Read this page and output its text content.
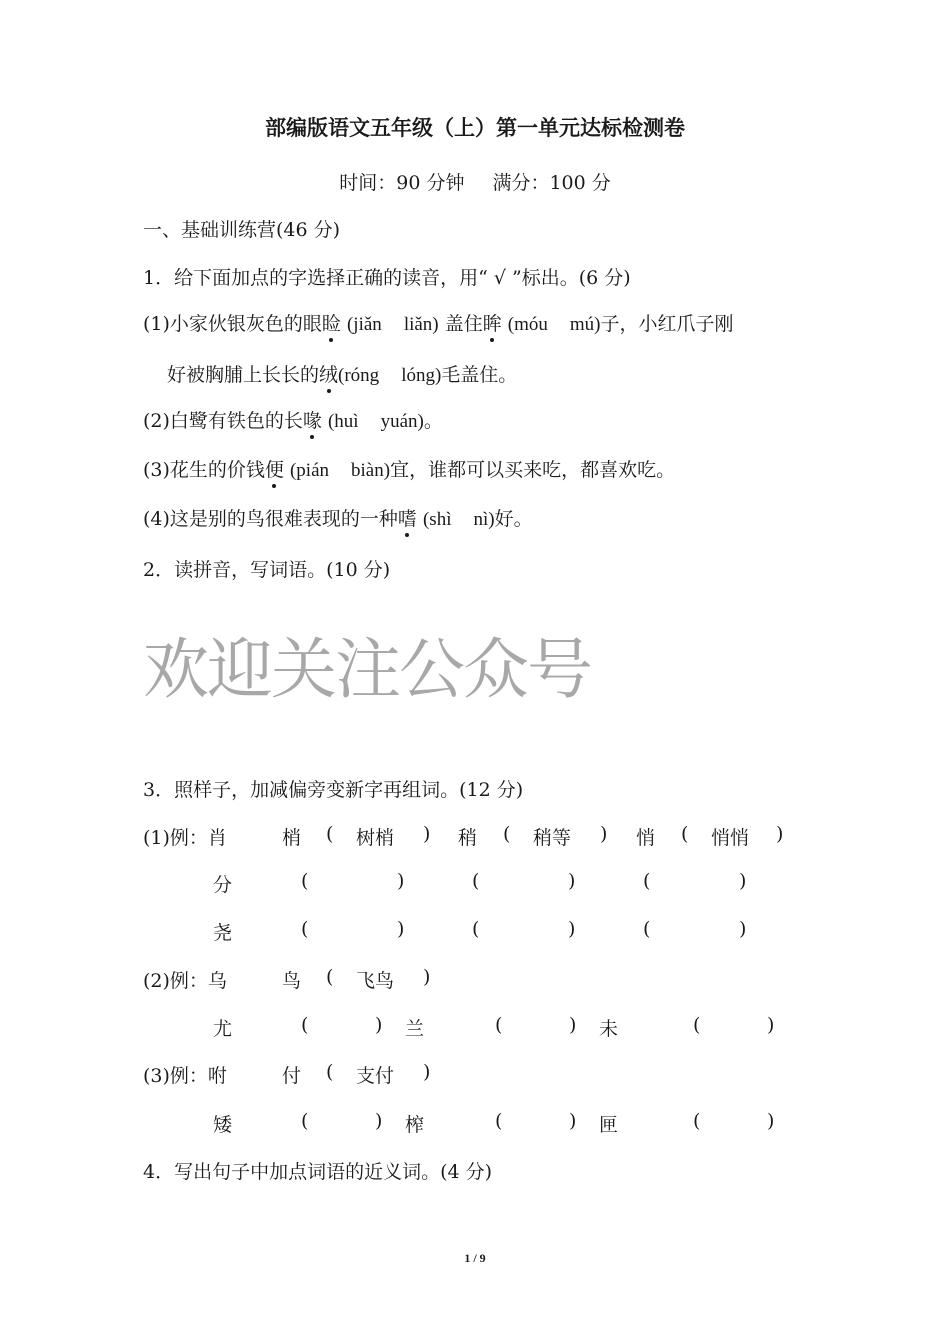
部编版语文五年级（上）第一单元达标检测卷
时间：90 分钟 满分：100 分
一、基础训练营(46 分)
1．给下面加点的字选择正确的读音，用“ √ ”标出。(6 分)
(1)小家伙银灰色的眼睑 (jiǎn liǎn) 盖住眸 (móu mú)子，小红爪子刚
好被胸脯上长长的绒(róng lóng)毛盖住。
(2)白鹭有铁色的长喙 (huì yuán)。
(3)花生的价钱便 (pián biàn)宜，谁都可以买来吃，都喜欢吃。
(4)这是别的鸟很难表现的一种嗜 (shì nì)好。
2．读拼音，写词语。(10 分)
欢迎关注公众号
3．照样子，加减偏旁变新字再组词。(12 分)
(1)例：肖	梢 ( 树梢 ) 稍 ( 稍等 ) 悄 ( 悄悄 )
分	(	)	(	)	(	)
尧	(	)	(	)	(	)
(2)例：乌	鸟 ( 飞鸟 )
尤	(	) 兰	(	) 未	(	)
(3)例：咐	付 ( 支付 )
矮	(	) 榨	(	) 匣	(	)
4．写出句子中加点词语的近义词。(4 分)
1 / 9
